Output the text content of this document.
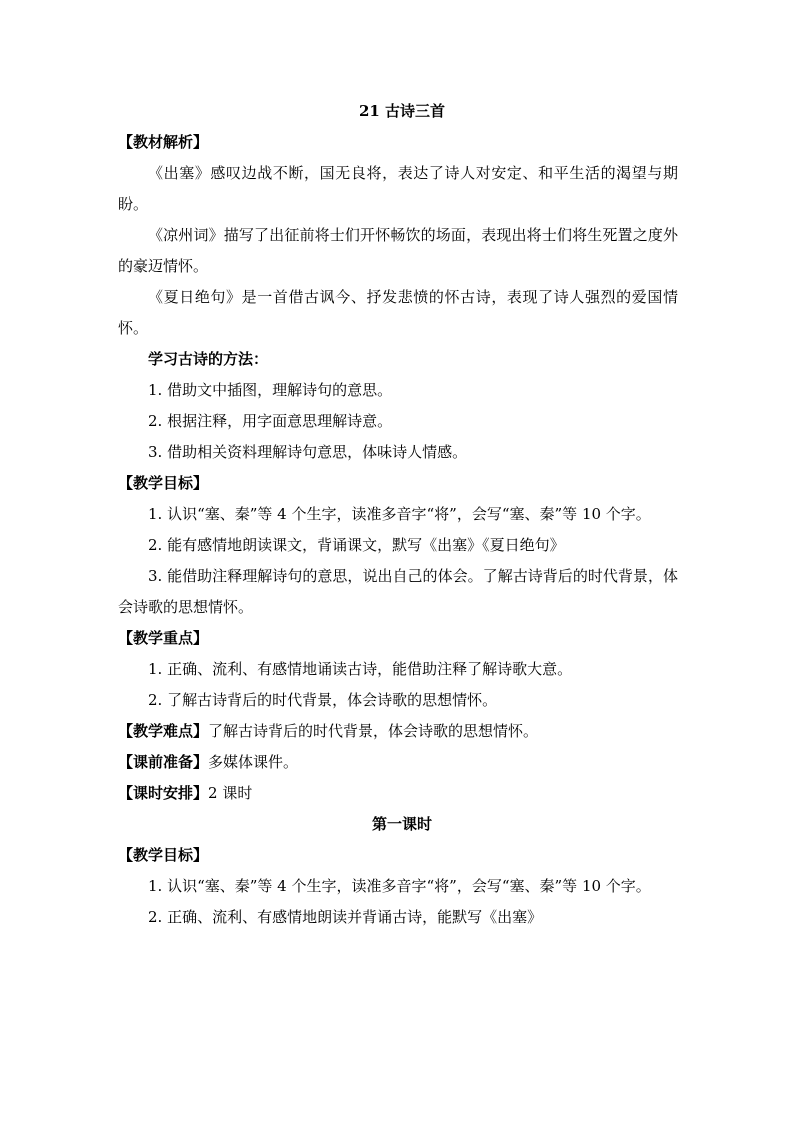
21 古诗三首
【教材解析】

《出塞》感叹边战不断，国无良将，表达了诗人对安定、和平生活的渴望与期盼。

《凉州词》描写了出征前将士们开怀畅饮的场面，表现出将士们将生死置之度外的豪迈情怀。

《夏日绝句》是一首借古讽今、抒发悲愤的怀古诗，表现了诗人强烈的爱国情怀。

学习古诗的方法：
1. 借助文中插图，理解诗句的意思。
2. 根据注释，用字面意思理解诗意。
3. 借助相关资料理解诗句意思，体味诗人情感。
【教学目标】

1. 认识“塞、秦”等 4 个生字，读准多音字“将”，会写“塞、秦”等 10 个字。

2. 能有感情地朗读课文，背诵课文，默写《出塞》《夏日绝句》

3. 能借助注释理解诗句的意思，说出自己的体会。了解古诗背后的时代背景，体会诗歌的思想情怀。

【教学重点】
1. 正确、流利、有感情地诵读古诗，能借助注释了解诗歌大意。
2. 了解古诗背后的时代背景，体会诗歌的思想情怀。
【教学难点】了解古诗背后的时代背景，体会诗歌的思想情怀。
【课前准备】多媒体课件。
【课时安排】2 课时
第一课时
【教学目标】

1. 认识“塞、秦”等 4 个生字，读准多音字“将”，会写“塞、秦”等 10 个字。

2. 正确、流利、有感情地朗读并背诵古诗，能默写《出塞》
